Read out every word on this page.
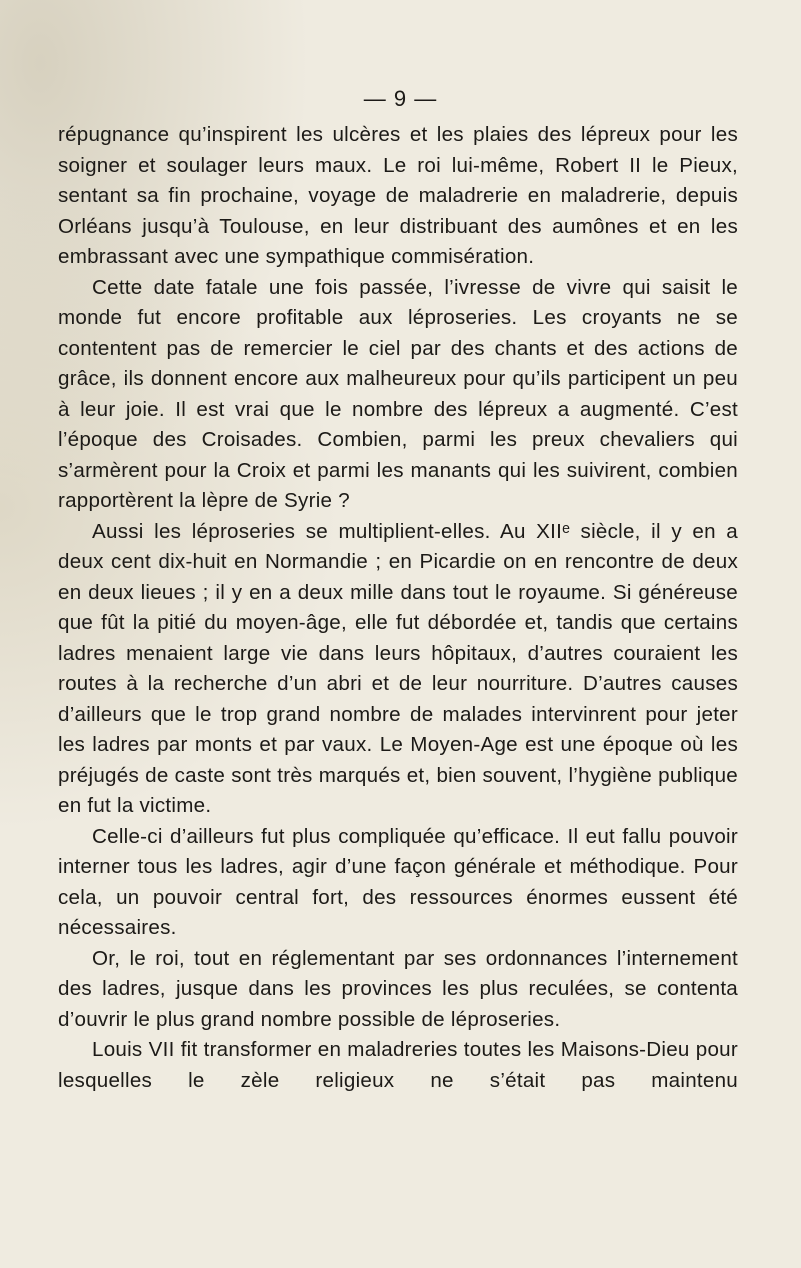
— 9 —

répugnance qu’inspirent les ulcères et les plaies des lépreux pour les soigner et soulager leurs maux. Le roi lui-même, Robert II le Pieux, sentant sa fin prochaine, voyage de maladrerie en maladrerie, depuis Orléans jusqu’à Toulouse, en leur distribuant des aumônes et en les embrassant avec une sympathique commisération.

Cette date fatale une fois passée, l’ivresse de vivre qui saisit le monde fut encore profitable aux léproseries. Les croyants ne se contentent pas de remercier le ciel par des chants et des actions de grâce, ils donnent encore aux malheureux pour qu’ils participent un peu à leur joie. Il est vrai que le nombre des lépreux a augmenté. C’est l’époque des Croisades. Combien, parmi les preux chevaliers qui s’armèrent pour la Croix et parmi les manants qui les suivirent, combien rapportèrent la lèpre de Syrie ?

Aussi les léproseries se multiplient-elles. Au XIIᵉ siècle, il y en a deux cent dix-huit en Normandie ; en Picardie on en rencontre de deux en deux lieues ; il y en a deux mille dans tout le royaume. Si généreuse que fût la pitié du moyen-âge, elle fut débordée et, tandis que certains ladres menaient large vie dans leurs hôpitaux, d’autres couraient les routes à la recherche d’un abri et de leur nourriture. D’autres causes d’ailleurs que le trop grand nombre de malades intervinrent pour jeter les ladres par monts et par vaux. Le Moyen-Age est une époque où les préjugés de caste sont très marqués et, bien souvent, l’hygiène publique en fut la victime.

Celle-ci d’ailleurs fut plus compliquée qu’efficace. Il eut fallu pouvoir interner tous les ladres, agir d’une façon générale et méthodique. Pour cela, un pouvoir central fort, des ressources énormes eussent été nécessaires.

Or, le roi, tout en réglementant par ses ordonnances l’internement des ladres, jusque dans les provinces les plus reculées, se contenta d’ouvrir le plus grand nombre possible de léproseries.

Louis VII fit transformer en maladreries toutes les Maisons-Dieu pour lesquelles le zèle religieux ne s’était pas maintenu
